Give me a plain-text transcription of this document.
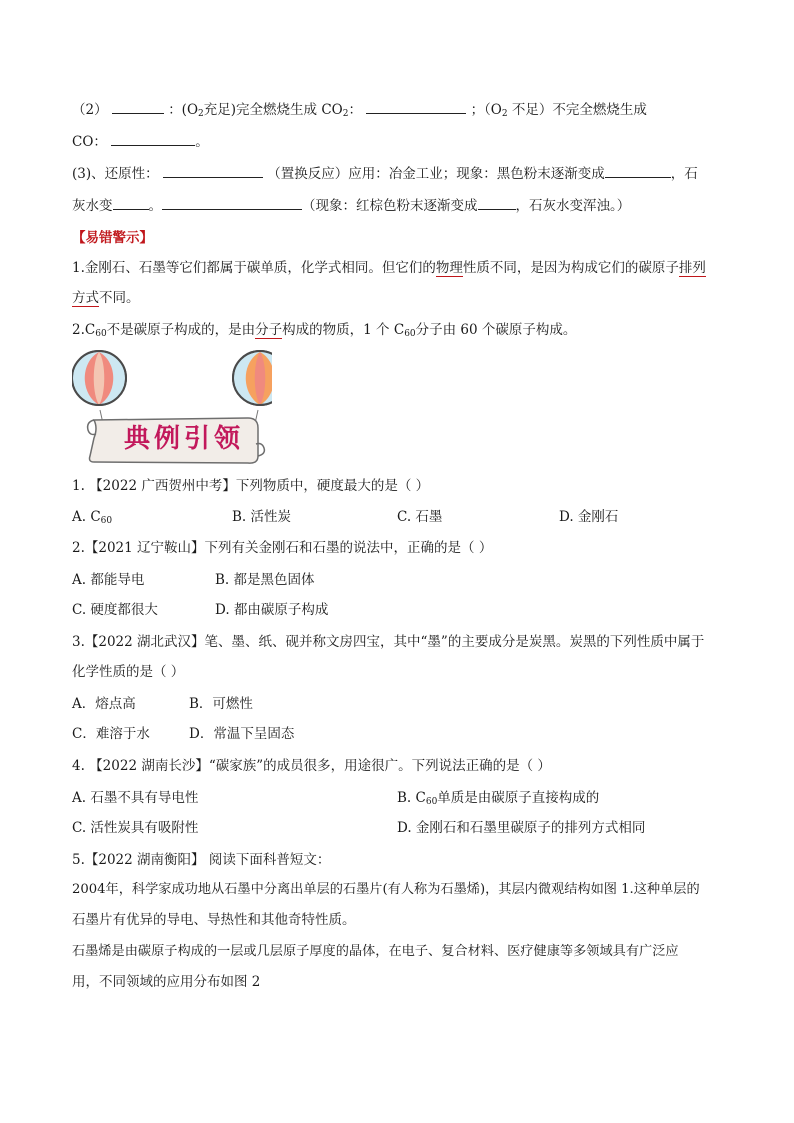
（2）	：($O_2$充足)完全燃烧生成 $CO_2$：	；（$O_2$ 不足）不完全燃烧生成
CO：	。
(3)、还原性：	（置换反应）应用：冶金工业；现象：黑色粉末逐渐变成	，石
灰水变	。	（现象：红棕色粉末逐渐变成	，石灰水变浑浊。）
【易错警示】
1.金刚石、石墨等它们都属于碳单质，化学式相同。但它们的物理性质不同，是因为构成它们的碳原子排列
方式不同。
$2.C_{60}$不是碳原子构成的，是由分子构成的物质，1 个 $C_{60}$分子由 60 个碳原子构成。
典例引领
1. 【2022 广西贺州中考】下列物质中，硬度最大的是（ ）
A. $C_{60}$	B. 活性炭	C. 石墨	D. 金刚石
2.【2021 辽宁鞍山】下列有关金刚石和石墨的说法中，正确的是（ ）
A. 都能导电	B. 都是黑色固体
C. 硬度都很大	D. 都由碳原子构成
3.【2022 湖北武汉】笔、墨、纸、砚并称文房四宝，其中“墨”的主要成分是炭黑。炭黑的下列性质中属于
化学性质的是（ ）
A．熔点高	B．可燃性
C．难溶于水	D．常温下呈固态
4. 【2022 湖南长沙】“碳家族”的成员很多，用途很广。下列说法正确的是（ ）
A. 石墨不具有导电性	B. $C_{60}$单质是由碳原子直接构成的
C. 活性炭具有吸附性	D. 金刚石和石墨里碳原子的排列方式相同
5.【2022 湖南衡阳】 阅读下面科普短文：
2004年，科学家成功地从石墨中分离出单层的石墨片(有人称为石墨烯)，其层内微观结构如图 1.这种单层的
石墨片有优异的导电、导热性和其他奇特性质。
石墨烯是由碳原子构成的一层或几层原子厚度的晶体，在电子、复合材料、医疗健康等多领域具有广泛应
用，不同领域的应用分布如图 2
